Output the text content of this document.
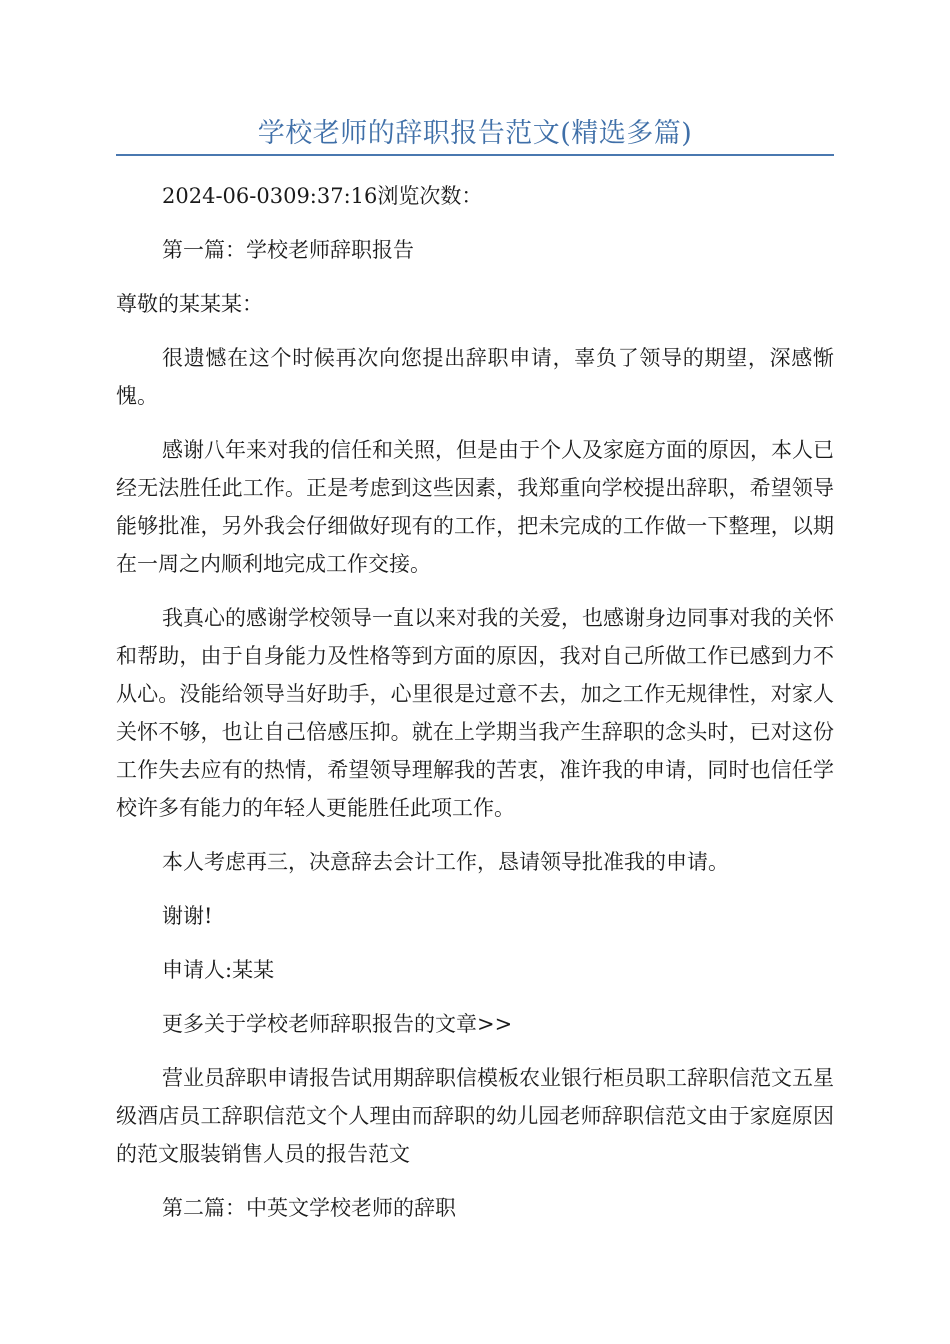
学校老师的辞职报告范文(精选多篇)

2024-06-0309:37:16浏览次数：

第一篇：学校老师辞职报告

尊敬的某某某：

很遗憾在这个时候再次向您提出辞职申请，辜负了领导的期望，深感惭愧。

感谢八年来对我的信任和关照，但是由于个人及家庭方面的原因，本人已经无法胜任此工作。正是考虑到这些因素，我郑重向学校提出辞职，希望领导能够批准，另外我会仔细做好现有的工作，把未完成的工作做一下整理，以期在一周之内顺利地完成工作交接。

我真心的感谢学校领导一直以来对我的关爱，也感谢身边同事对我的关怀和帮助，由于自身能力及性格等到方面的原因，我对自己所做工作已感到力不从心。没能给领导当好助手，心里很是过意不去，加之工作无规律性，对家人关怀不够，也让自己倍感压抑。就在上学期当我产生辞职的念头时，已对这份工作失去应有的热情，希望领导理解我的苦衷，准许我的申请，同时也信任学校许多有能力的年轻人更能胜任此项工作。

本人考虑再三，决意辞去会计工作，恳请领导批准我的申请。

谢谢!

申请人:某某

更多关于学校老师辞职报告的文章>>

营业员辞职申请报告试用期辞职信模板农业银行柜员职工辞职信范文五星级酒店员工辞职信范文个人理由而辞职的幼儿园老师辞职信范文由于家庭原因的范文服装销售人员的报告范文

第二篇：中英文学校老师的辞职
